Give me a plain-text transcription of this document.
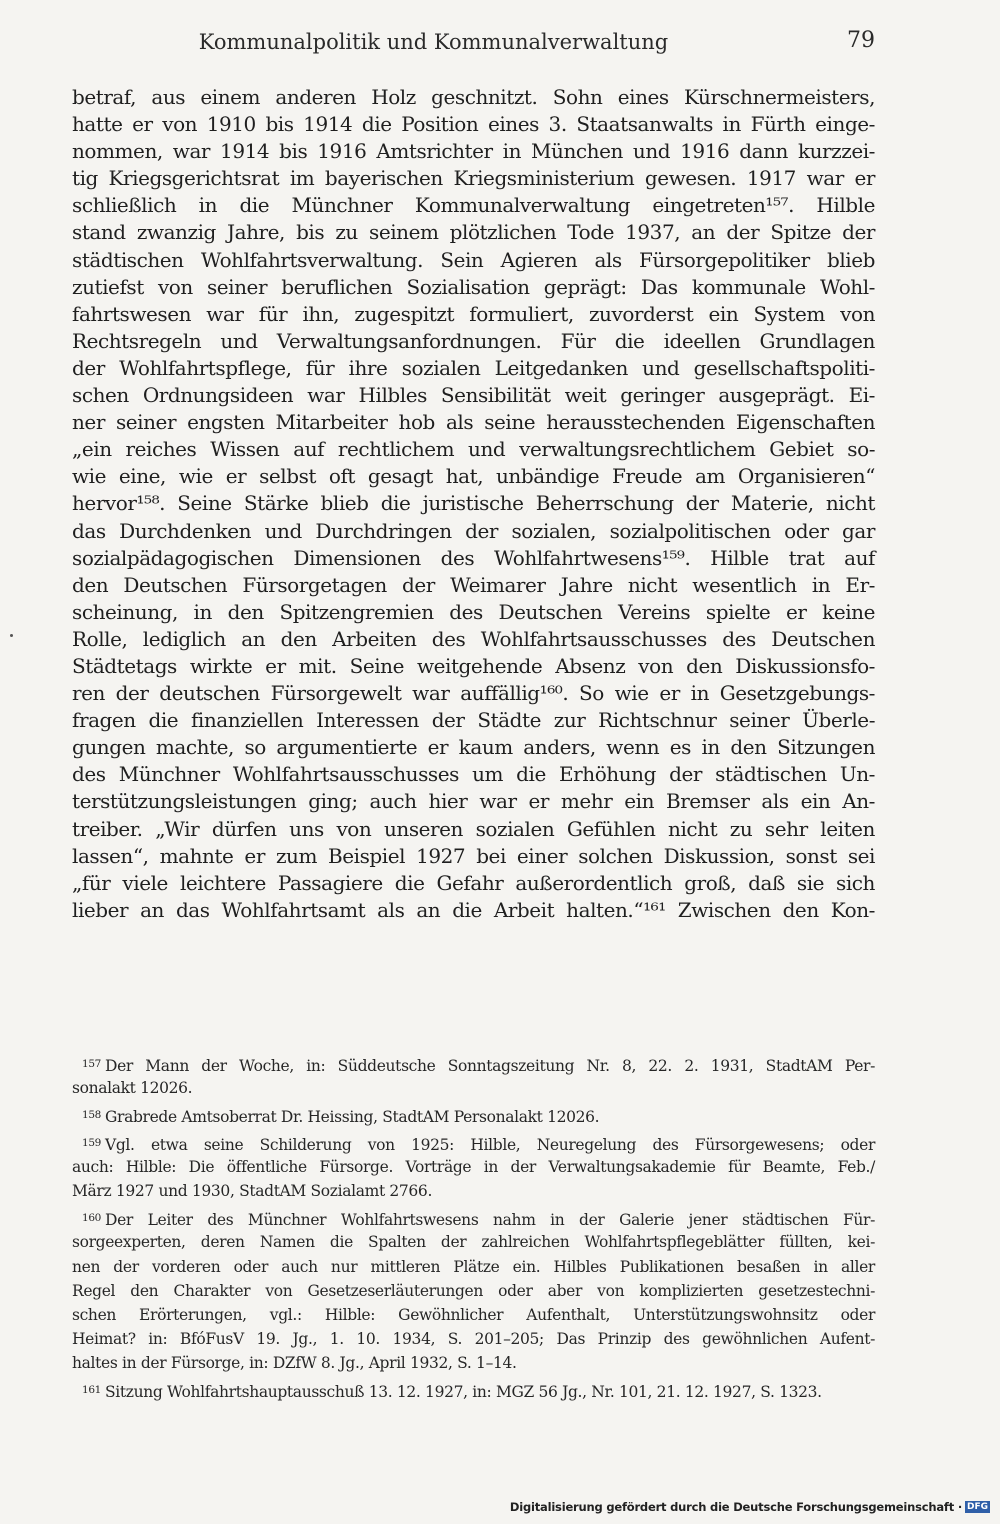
Kommunalpolitik und Kommunalverwaltung	79
betraf, aus einem anderen Holz geschnitzt. Sohn eines Kürschnermeisters,
hatte er von 1910 bis 1914 die Position eines 3. Staatsanwalts in Fürth einge-
nommen, war 1914 bis 1916 Amtsrichter in München und 1916 dann kurzzei-
tig Kriegsgerichtsrat im bayerischen Kriegsministerium gewesen. 1917 war er
schließlich in die Münchner Kommunalverwaltung eingetreten¹⁵⁷. Hilble
stand zwanzig Jahre, bis zu seinem plötzlichen Tode 1937, an der Spitze der
städtischen Wohlfahrtsverwaltung. Sein Agieren als Fürsorgepolitiker blieb
zutiefst von seiner beruflichen Sozialisation geprägt: Das kommunale Wohl-
fahrtswesen war für ihn, zugespitzt formuliert, zuvorderst ein System von
Rechtsregeln und Verwaltungsanfordnungen. Für die ideellen Grundlagen
der Wohlfahrtspflege, für ihre sozialen Leitgedanken und gesellschaftspoliti-
schen Ordnungsideen war Hilbles Sensibilität weit geringer ausgeprägt. Ei-
ner seiner engsten Mitarbeiter hob als seine herausstechenden Eigenschaften
„ein reiches Wissen auf rechtlichem und verwaltungsrechtlichem Gebiet so-
wie eine, wie er selbst oft gesagt hat, unbändige Freude am Organisieren“
hervor¹⁵⁸. Seine Stärke blieb die juristische Beherrschung der Materie, nicht
das Durchdenken und Durchdringen der sozialen, sozialpolitischen oder gar
sozialpädagogischen Dimensionen des Wohlfahrtwesens¹⁵⁹. Hilble trat auf
den Deutschen Fürsorgetagen der Weimarer Jahre nicht wesentlich in Er-
scheinung, in den Spitzengremien des Deutschen Vereins spielte er keine
Rolle, lediglich an den Arbeiten des Wohlfahrtsausschusses des Deutschen
Städtetags wirkte er mit. Seine weitgehende Absenz von den Diskussionsfo-
ren der deutschen Fürsorgewelt war auffällig¹⁶⁰. So wie er in Gesetzgebungs-
fragen die finanziellen Interessen der Städte zur Richtschnur seiner Überle-
gungen machte, so argumentierte er kaum anders, wenn es in den Sitzungen
des Münchner Wohlfahrtsausschusses um die Erhöhung der städtischen Un-
terstützungsleistungen ging; auch hier war er mehr ein Bremser als ein An-
treiber. „Wir dürfen uns von unseren sozialen Gefühlen nicht zu sehr leiten
lassen“, mahnte er zum Beispiel 1927 bei einer solchen Diskussion, sonst sei
„für viele leichtere Passagiere die Gefahr außerordentlich groß, daß sie sich
lieber an das Wohlfahrtsamt als an die Arbeit halten.“¹⁶¹ Zwischen den Kon-
$^{157}$ Der Mann der Woche, in: Süddeutsche Sonntagszeitung Nr. 8, 22. 2. 1931, StadtAM Per-
sonalakt 12026.
$^{158}$ Grabrede Amtsoberrat Dr. Heissing, StadtAM Personalakt 12026.
$^{159}$ Vgl. etwa seine Schilderung von 1925: Hilble, Neuregelung des Fürsorgewesens; oder
auch: Hilble: Die öffentliche Fürsorge. Vorträge in der Verwaltungsakademie für Beamte, Feb./
März 1927 und 1930, StadtAM Sozialamt 2766.
$^{160}$ Der Leiter des Münchner Wohlfahrtswesens nahm in der Galerie jener städtischen Für-
sorgeexperten, deren Namen die Spalten der zahlreichen Wohlfahrtspflegeblätter füllten, kei-
nen der vorderen oder auch nur mittleren Plätze ein. Hilbles Publikationen besaßen in aller
Regel den Charakter von Gesetzeserläuterungen oder aber von komplizierten gesetzestechni-
schen Erörterungen, vgl.: Hilble: Gewöhnlicher Aufenthalt, Unterstützungswohnsitz oder
Heimat? in: BfóFusV 19. Jg., 1. 10. 1934, S. 201–205; Das Prinzip des gewöhnlichen Aufent-
haltes in der Fürsorge, in: DZfW 8. Jg., April 1932, S. 1–14.
$^{161}$ Sitzung Wohlfahrtshauptausschuß 13. 12. 1927, in: MGZ 56 Jg., Nr. 101, 21. 12. 1927, S. 1323.
Digitalisierung gefördert durch die Deutsche Forschungsgemeinschaft · DFG
